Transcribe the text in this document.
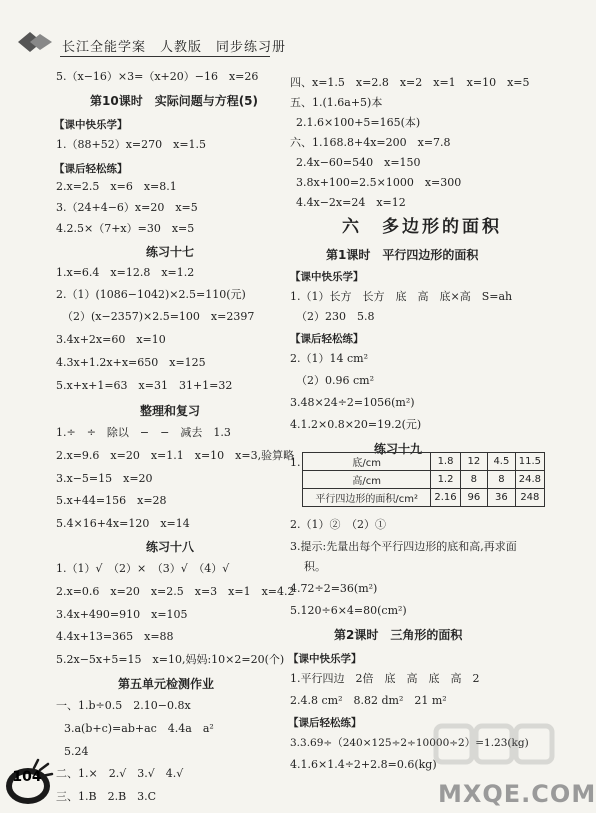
长江全能学案　人教版　同步练习册
5.（x−16）×3=（x+20）−16　x=26
第10课时　实际问题与方程(5)
【课中快乐学】
1.（88+52）x=270　x=1.5
【课后轻松练】
2.x=2.5　x=6　x=8.1
3.（24+4−6）x=20　x=5
4.2.5×（7+x）=30　x=5
练习十七
1.x=6.4　x=12.8　x=1.2
2.（1）(1086−1042)×2.5=110(元)
（2）(x−2357)×2.5=100　x=2397
3.4x+2x=60　x=10
4.3x+1.2x+x=650　x=125
5.x+x+1=63　x=31　31+1=32
整理和复习
1.÷　÷　除以　−　−　减去　1.3
2.x=9.6　x=20　x=1.1　x=10　x=3,验算略
3.x−5=15　x=20
5.x+44=156　x=28
5.4×16+4x=120　x=14
练习十八
1.（1）√　（2）×　（3）√　（4）√
2.x=0.6　x=20　x=2.5　x=3　x=1　x=4.2
3.4x+490=910　x=105
4.4x+13=365　x=88
5.2x−5x+5=15　x=10,妈妈:10×2=20(个)
第五单元检测作业
一、1.b÷0.5　2.10−0.8x
3.a(b+c)=ab+ac　4.4a　a²
5.24
二、1.×　2.√　3.√　4.√
三、1.B　2.B　3.C
四、x=1.5　x=2.8　x=2　x=1　x=10　x=5
五、1.(1.6a+5)本
2.1.6×100+5=165(本)
六、1.168.8+4x=200　x=7.8
2.4x−60=540　x=150
3.8x+100=2.5×1000　x=300
4.4x−2x=24　x=12
六　多边形的面积
第1课时　平行四边形的面积
【课中快乐学】
1.（1）长方　长方　底　高　底×高　S=ah
（2）230　5.8
【课后轻松练】
2.（1）14 cm²
（2）0.96 cm²
3.48×24÷2=1056(m²)
4.1.2×0.8×20=19.2(元)
练习十九
1.	底/cm	1.8	12	4.5	11.5
高/cm	1.2	8	8	24.8
平行四边形的面积/cm²	2.16	96	36	248
2.（1）②　（2）①
3.提示:先量出每个平行四边形的底和高,再求面
积。
4.72÷2=36(m²)
5.120÷6×4=80(cm²)
第2课时　三角形的面积
【课中快乐学】
1.平行四边　2倍　底　高　底　高　2
2.4.8 cm²　8.82 dm²　21 m²
【课后轻松练】
3.3.69÷（240×125÷2÷10000÷2）=1.23(kg)
4.1.6×1.4÷2+2.8=0.6(kg)
104
MXQE.COM
